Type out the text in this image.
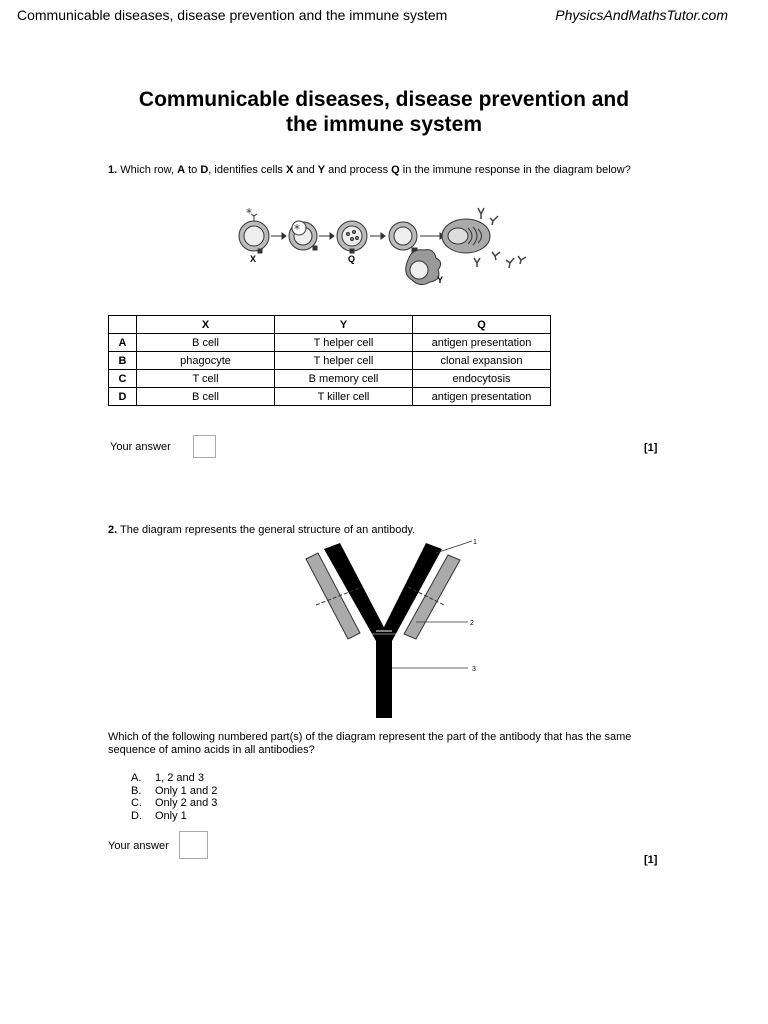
Communicable diseases, disease prevention and the immune system	PhysicsAndMathsTutor.com
Communicable diseases, disease prevention and
the immune system
1. Which row, A to D, identifies cells X and Y and process Q in the immune response in the diagram below?
*
*
X	Q
Y
	X	Y	Q
A	B cell	T helper cell	antigen presentation
B	phagocyte	T helper cell	clonal expansion
C	T cell	B memory cell	endocytosis
D	B cell	T killer cell	antigen presentation
Your answer	[1]
2. The diagram represents the general structure of an antibody.
1
2
3
Which of the following numbered part(s) of the diagram represent the part of the antibody that has the same
sequence of amino acids in all antibodies?
A. 1, 2 and 3
B. Only 1 and 2
C. Only 2 and 3
D. Only 1
Your answer
[1]
